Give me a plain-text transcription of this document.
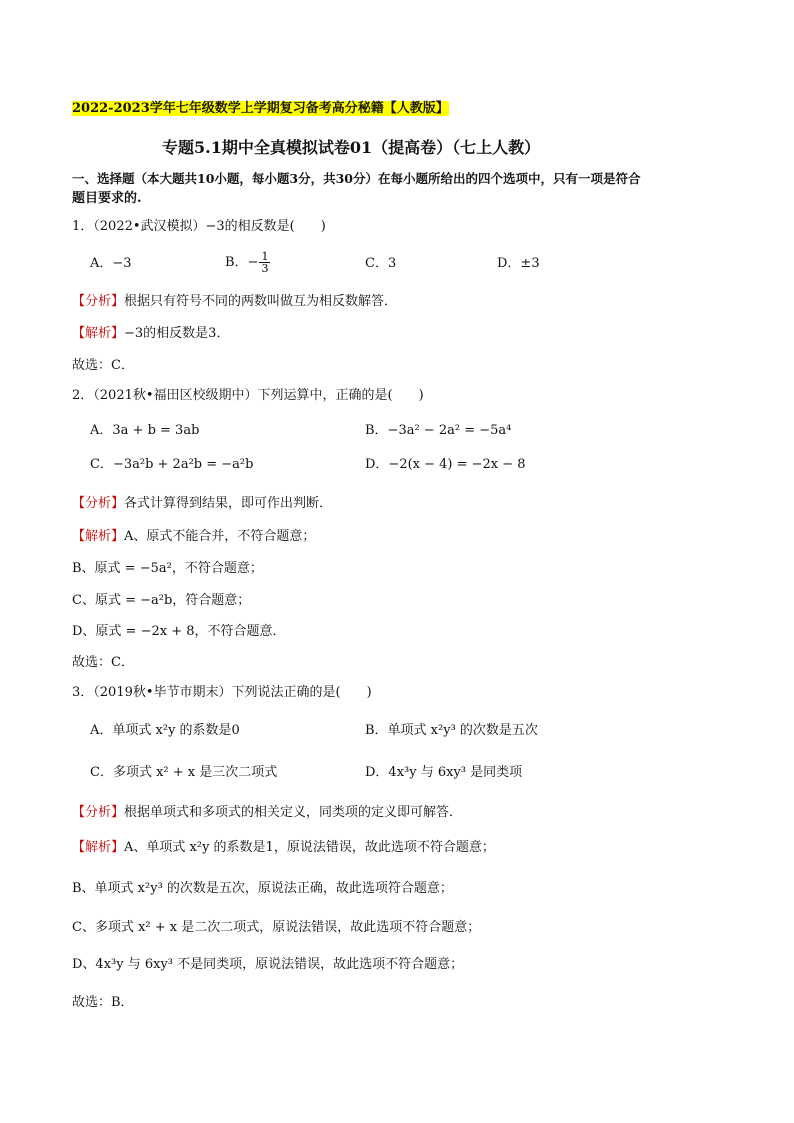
2022-2023学年七年级数学上学期复习备考高分秘籍【人教版】
专题5.1期中全真模拟试卷01（提高卷）（七上人教）
一、选择题（本大题共10小题，每小题3分，共30分）在每小题所给出的四个选项中，只有一项是符合
题目要求的.
1．（2022•武汉模拟）−3的相反数是(　　)
A．−3	B．− $\frac{1}{3}$	C．3	D．±3
【分析】根据只有符号不同的两数叫做互为相反数解答．
【解析】−3的相反数是3．
故选：C．
2．（2021秋•福田区校级期中）下列运算中，正确的是(　　)
A．3a + b = 3ab	B．−3a² − 2a² = −5a⁴
C．−3a²b + 2a²b = −a²b	D．−2(x − 4) = −2x − 8
【分析】各式计算得到结果，即可作出判断．
【解析】A、原式不能合并，不符合题意；
B、原式 = −5a²，不符合题意；
C、原式 = −a²b，符合题意；
D、原式 = −2x + 8，不符合题意．
故选：C．
3．（2019秋•毕节市期末）下列说法正确的是(　　)
A．单项式 x²y 的系数是0	B．单项式 x²y³ 的次数是五次
C．多项式 x² + x 是三次二项式	D．4x³y 与 6xy³ 是同类项
【分析】根据单项式和多项式的相关定义，同类项的定义即可解答．
【解析】A、单项式 x²y 的系数是1，原说法错误，故此选项不符合题意；
B、单项式 x²y³ 的次数是五次，原说法正确，故此选项符合题意；
C、多项式 x² + x 是二次二项式，原说法错误，故此选项不符合题意；
D、4x³y 与 6xy³ 不是同类项，原说法错误，故此选项不符合题意；
故选：B．
